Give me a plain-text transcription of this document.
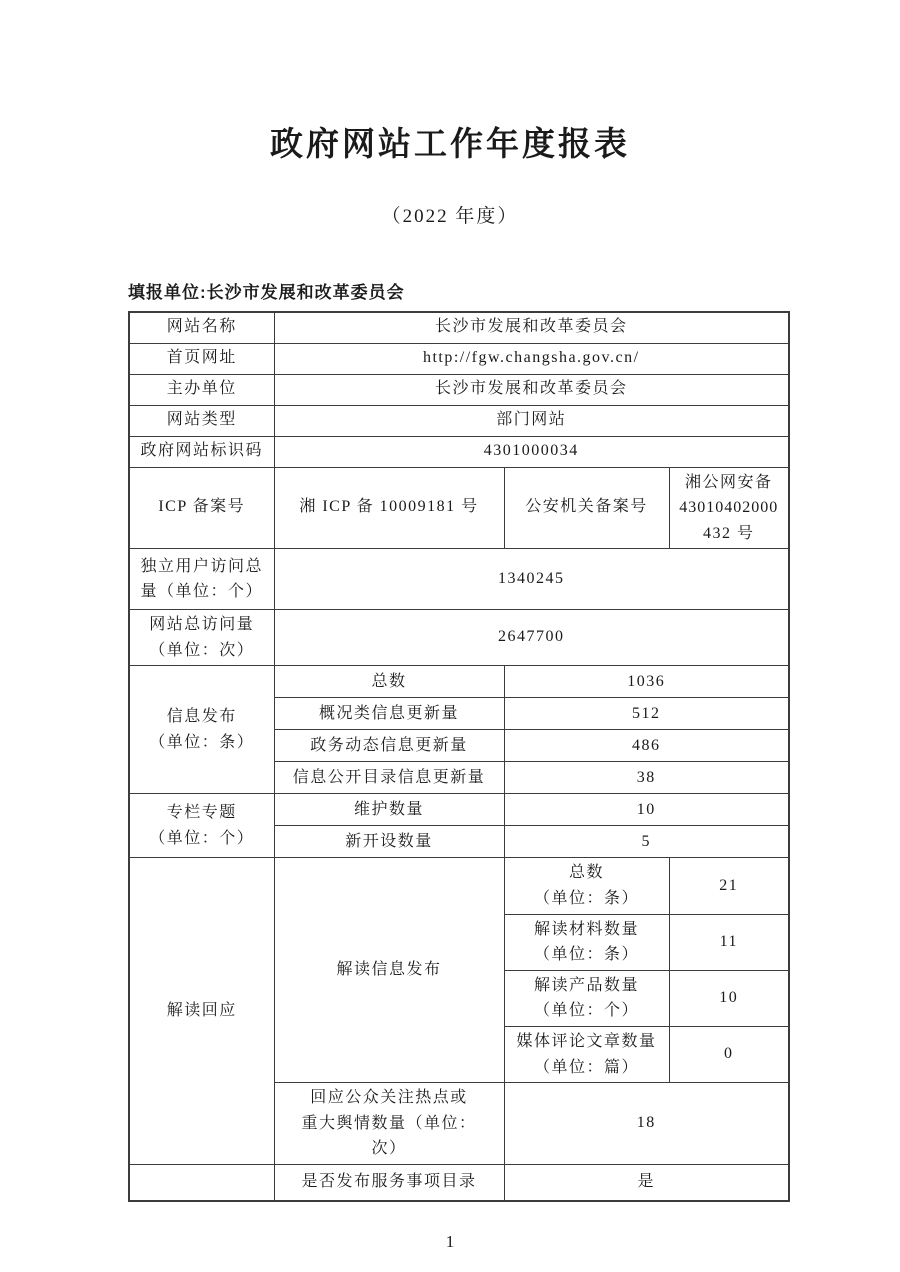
政府网站工作年度报表
（2022 年度）
填报单位:长沙市发展和改革委员会
网站名称	长沙市发展和改革委员会		
首页网址	http://fgw.changsha.gov.cn/		
主办单位	长沙市发展和改革委员会		
网站类型	部门网站		
政府网站标识码	4301000034		
ICP 备案号	湘 ICP 备 10009181 号	公安机关备案号	湘公网安备
43010402000
432 号

独立用户访问总
量（单位：个）	1340245		

网站总访问量
（单位：次）	2647700		

信息发布
（单位：条）	总数	1036	
	概况类信息更新量	512	
	政务动态信息更新量	486	
	信息公开目录信息更新量	38	

专栏专题
（单位：个）	维护数量	10	
	新开设数量	5	
解读回应	解读信息发布	总数
（单位：条）	21

		解读材料数量
（单位：条）	11

		解读产品数量
（单位：个）	10

		媒体评论文章数量
（单位：篇）	0

	回应公众关注热点或
重大舆情数量（单位：
次）	18	
	是否发布服务事项目录	是	
1
